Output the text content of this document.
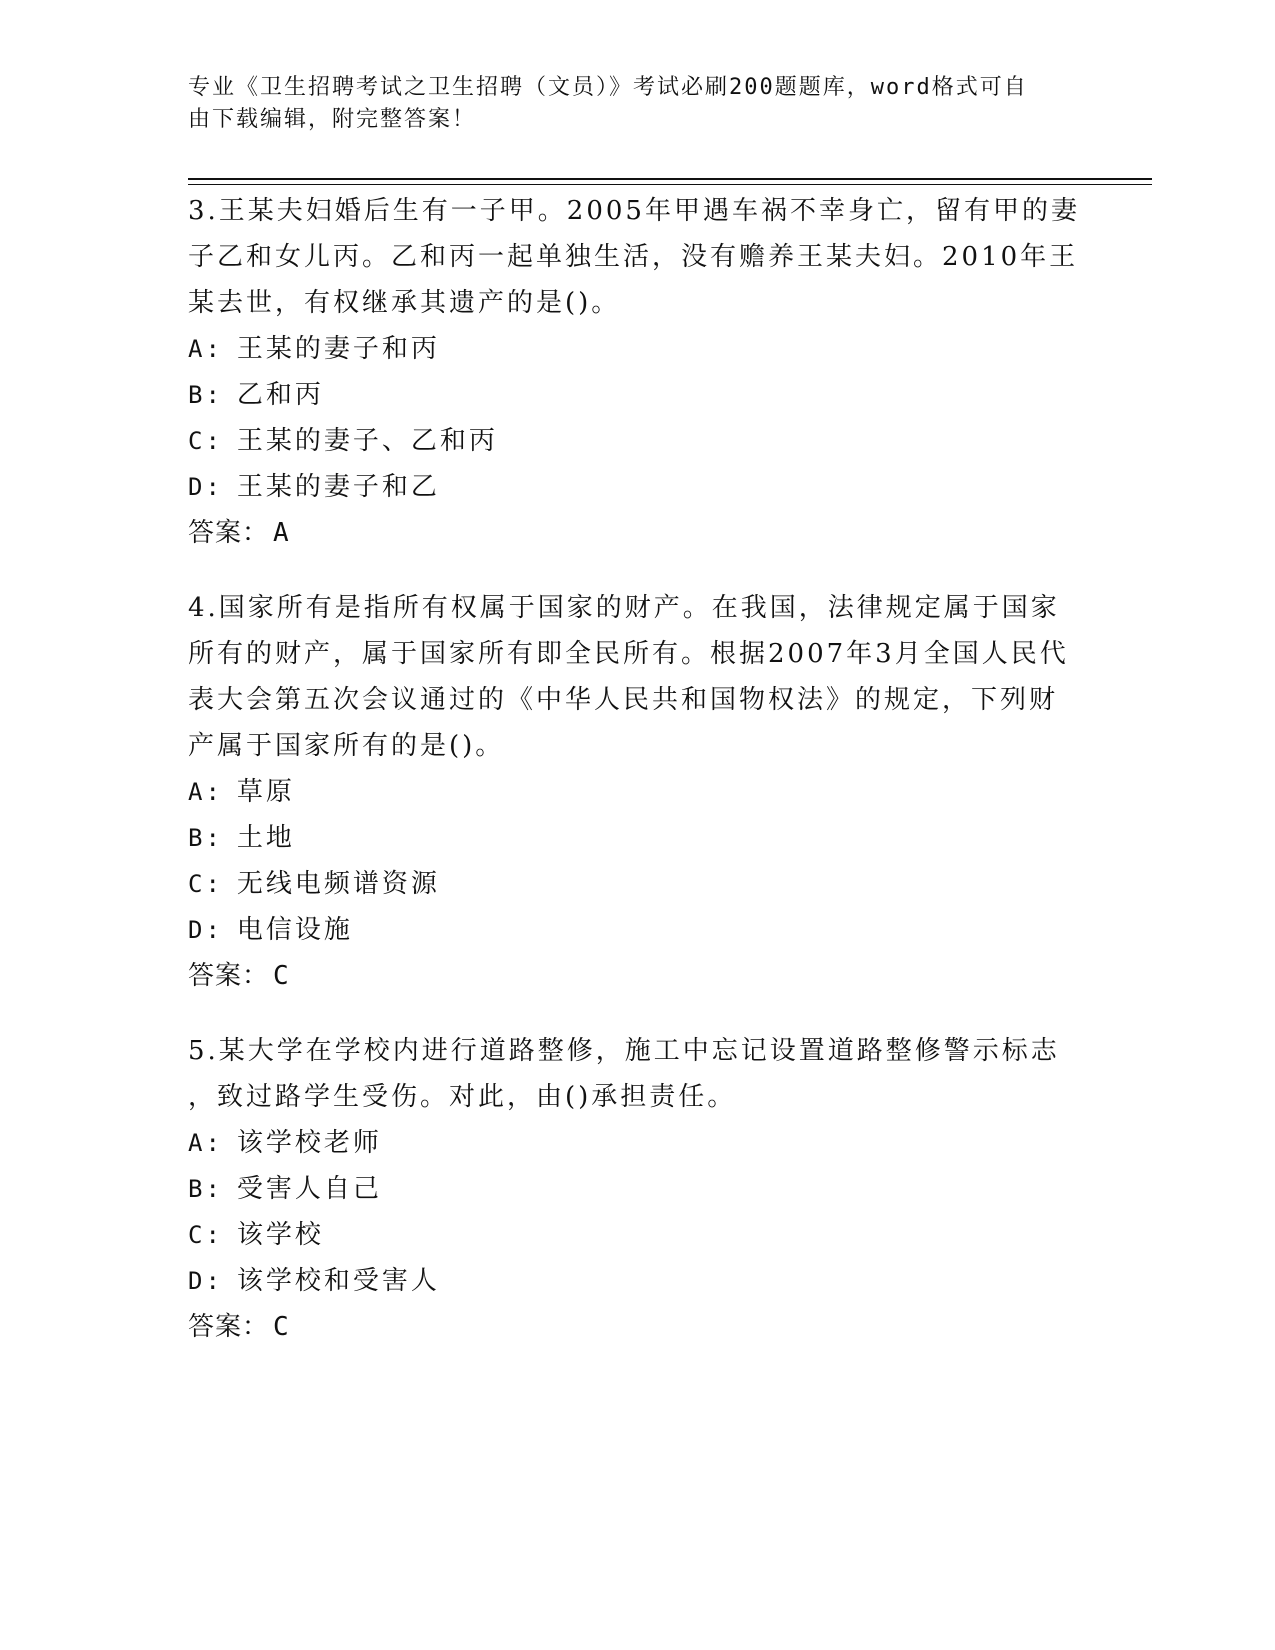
专业《卫生招聘考试之卫生招聘（文员）》考试必刷200题题库，word格式可自
由下载编辑，附完整答案！

3.王某夫妇婚后生有一子甲。2005年甲遇车祸不幸身亡，留有甲的妻

子乙和女儿丙。乙和丙一起单独生活，没有赡养王某夫妇。2010年王

某去世，有权继承其遗产的是()。

A: 王某的妻子和丙

B: 乙和丙

C: 王某的妻子、乙和丙

D: 王某的妻子和乙

答案： A

4.国家所有是指所有权属于国家的财产。在我国，法律规定属于国家

所有的财产，属于国家所有即全民所有。根据2007年3月全国人民代

表大会第五次会议通过的《中华人民共和国物权法》的规定，下列财

产属于国家所有的是()。

A: 草原

B: 土地

C: 无线电频谱资源

D: 电信设施

答案： C

5.某大学在学校内进行道路整修，施工中忘记设置道路整修警示标志

，致过路学生受伤。对此，由()承担责任。

A: 该学校老师

B: 受害人自己

C: 该学校

D: 该学校和受害人

答案： C
